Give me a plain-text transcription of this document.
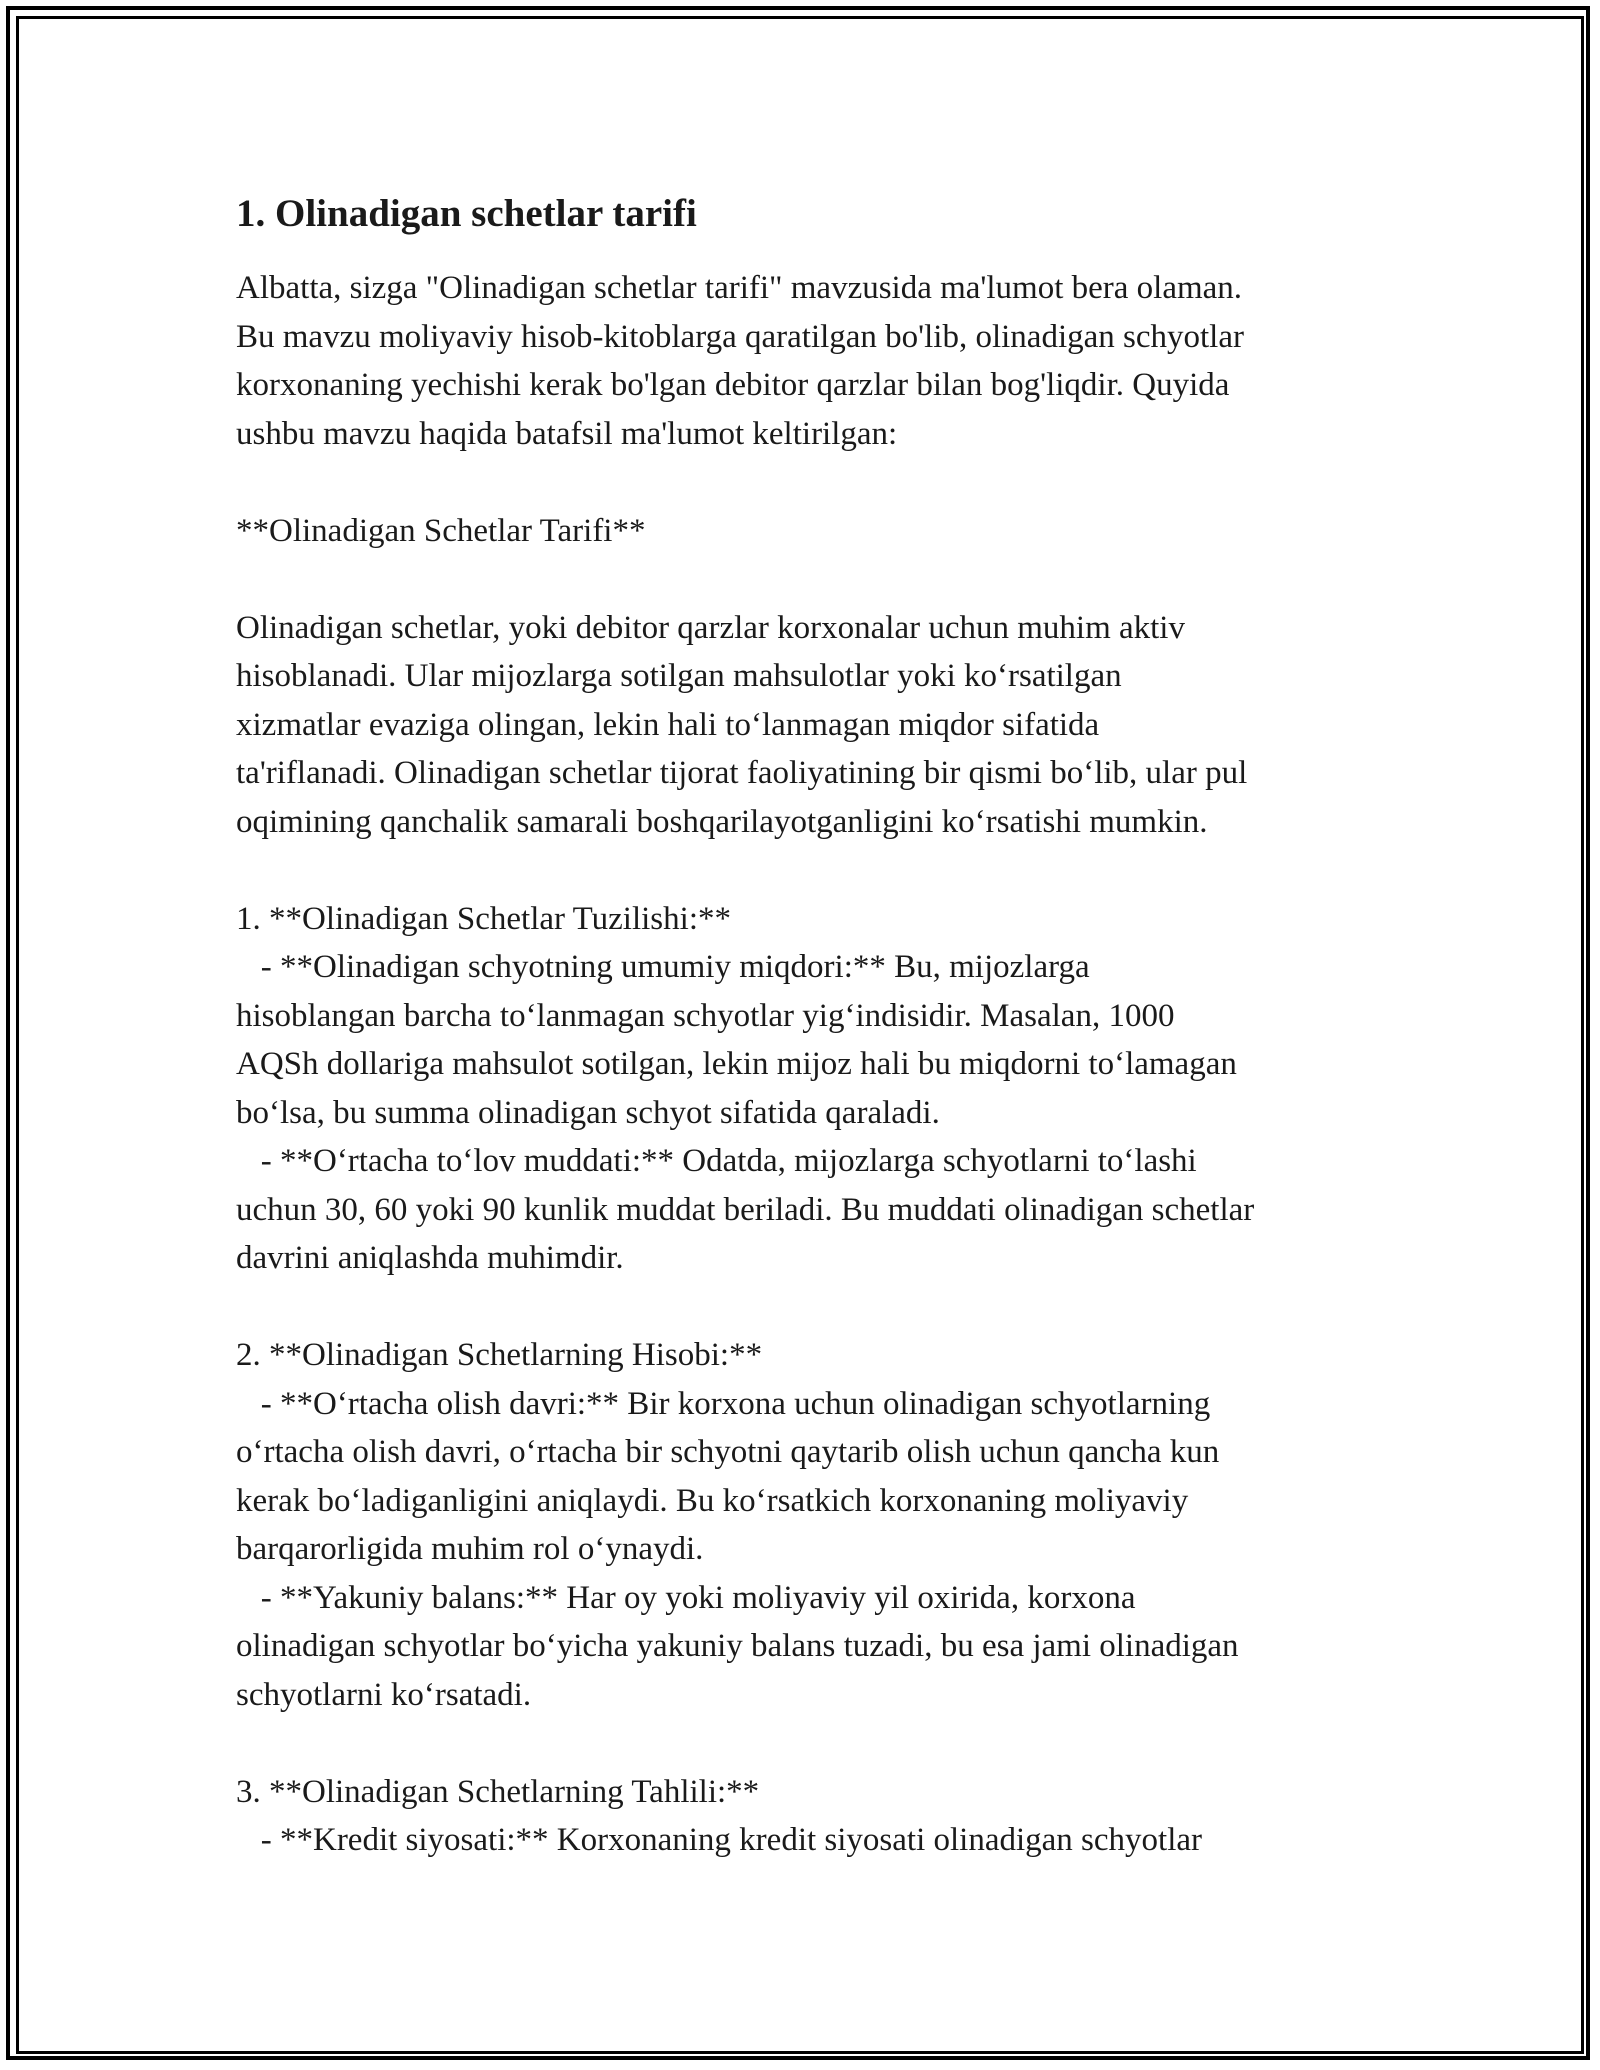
1. Olinadigan schetlar tarifi
Albatta, sizga "Olinadigan schetlar tarifi" mavzusida ma'lumot bera olaman.
Bu mavzu moliyaviy hisob-kitoblarga qaratilgan bo'lib, olinadigan schyotlar
korxonaning yechishi kerak bo'lgan debitor qarzlar bilan bog'liqdir. Quyida
ushbu mavzu haqida batafsil ma'lumot keltirilgan:
**Olinadigan Schetlar Tarifi**
Olinadigan schetlar, yoki debitor qarzlar korxonalar uchun muhim aktiv
hisoblanadi. Ular mijozlarga sotilgan mahsulotlar yoki ko‘rsatilgan
xizmatlar evaziga olingan, lekin hali to‘lanmagan miqdor sifatida
ta'riflanadi. Olinadigan schetlar tijorat faoliyatining bir qismi bo‘lib, ular pul
oqimining qanchalik samarali boshqarilayotganligini ko‘rsatishi mumkin.
1. **Olinadigan Schetlar Tuzilishi:**
- **Olinadigan schyotning umumiy miqdori:** Bu, mijozlarga
hisoblangan barcha to‘lanmagan schyotlar yig‘indisidir. Masalan, 1000
AQSh dollariga mahsulot sotilgan, lekin mijoz hali bu miqdorni to‘lamagan
bo‘lsa, bu summa olinadigan schyot sifatida qaraladi.
- **O‘rtacha to‘lov muddati:** Odatda, mijozlarga schyotlarni to‘lashi
uchun 30, 60 yoki 90 kunlik muddat beriladi. Bu muddati olinadigan schetlar
davrini aniqlashda muhimdir.
2. **Olinadigan Schetlarning Hisobi:**
- **O‘rtacha olish davri:** Bir korxona uchun olinadigan schyotlarning
o‘rtacha olish davri, o‘rtacha bir schyotni qaytarib olish uchun qancha kun
kerak bo‘ladiganligini aniqlaydi. Bu ko‘rsatkich korxonaning moliyaviy
barqarorligida muhim rol o‘ynaydi.
- **Yakuniy balans:** Har oy yoki moliyaviy yil oxirida, korxona
olinadigan schyotlar bo‘yicha yakuniy balans tuzadi, bu esa jami olinadigan
schyotlarni ko‘rsatadi.
3. **Olinadigan Schetlarning Tahlili:**
- **Kredit siyosati:** Korxonaning kredit siyosati olinadigan schyotlar
